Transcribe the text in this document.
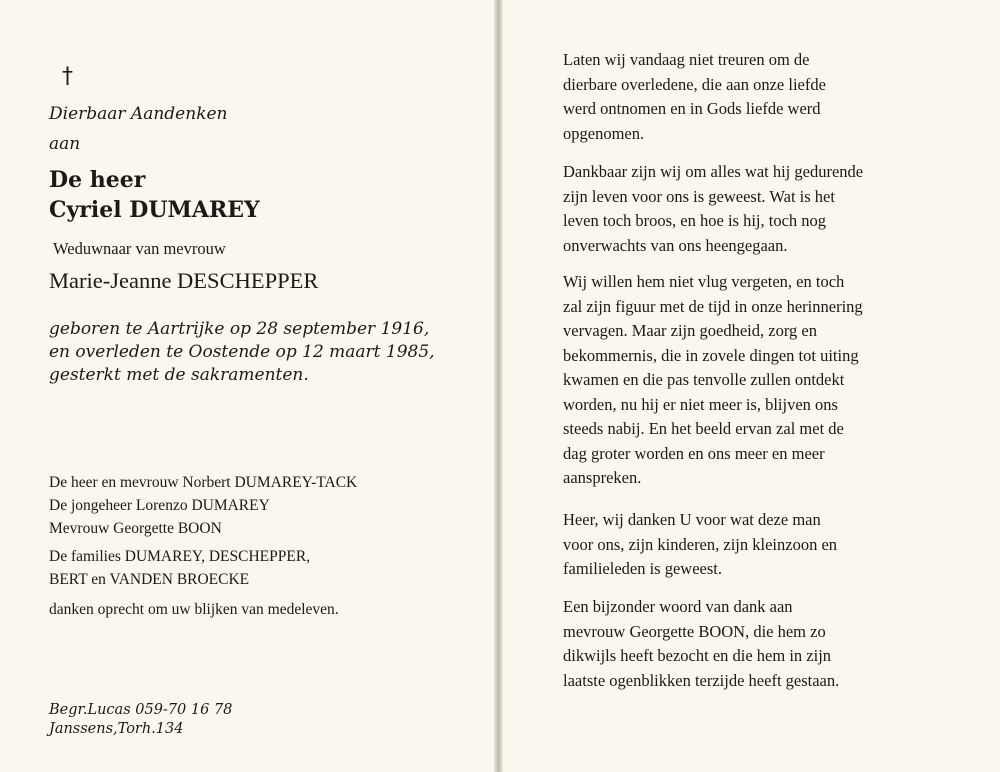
†
Dierbaar Aandenken
aan
De heer
Cyriel DUMAREY
Weduwnaar van mevrouw
Marie-Jeanne DESCHEPPER
geboren te Aartrijke op 28 september 1916,
en overleden te Oostende op 12 maart 1985,
gesterkt met de sakramenten.
De heer en mevrouw Norbert DUMAREY-TACK
De jongeheer Lorenzo DUMAREY
Mevrouw Georgette BOON
De families DUMAREY, DESCHEPPER,
BERT en VANDEN BROECKE
danken oprecht om uw blijken van medeleven.
Begr.Lucas 059-70 16 78
Janssens,Torh.134
Laten wij vandaag niet treuren om de
dierbare overledene, die aan onze liefde
werd ontnomen en in Gods liefde werd
opgenomen.
Dankbaar zijn wij om alles wat hij gedurende
zijn leven voor ons is geweest. Wat is het
leven toch broos, en hoe is hij, toch nog
onverwachts van ons heengegaan.
Wij willen hem niet vlug vergeten, en toch
zal zijn figuur met de tijd in onze herinnering
vervagen. Maar zijn goedheid, zorg en
bekommernis, die in zovele dingen tot uiting
kwamen en die pas tenvolle zullen ontdekt
worden, nu hij er niet meer is, blijven ons
steeds nabij. En het beeld ervan zal met de
dag groter worden en ons meer en meer
aanspreken.
Heer, wij danken U voor wat deze man
voor ons, zijn kinderen, zijn kleinzoon en
familieleden is geweest.
Een bijzonder woord van dank aan
mevrouw Georgette BOON, die hem zo
dikwijls heeft bezocht en die hem in zijn
laatste ogenblikken terzijde heeft gestaan.
